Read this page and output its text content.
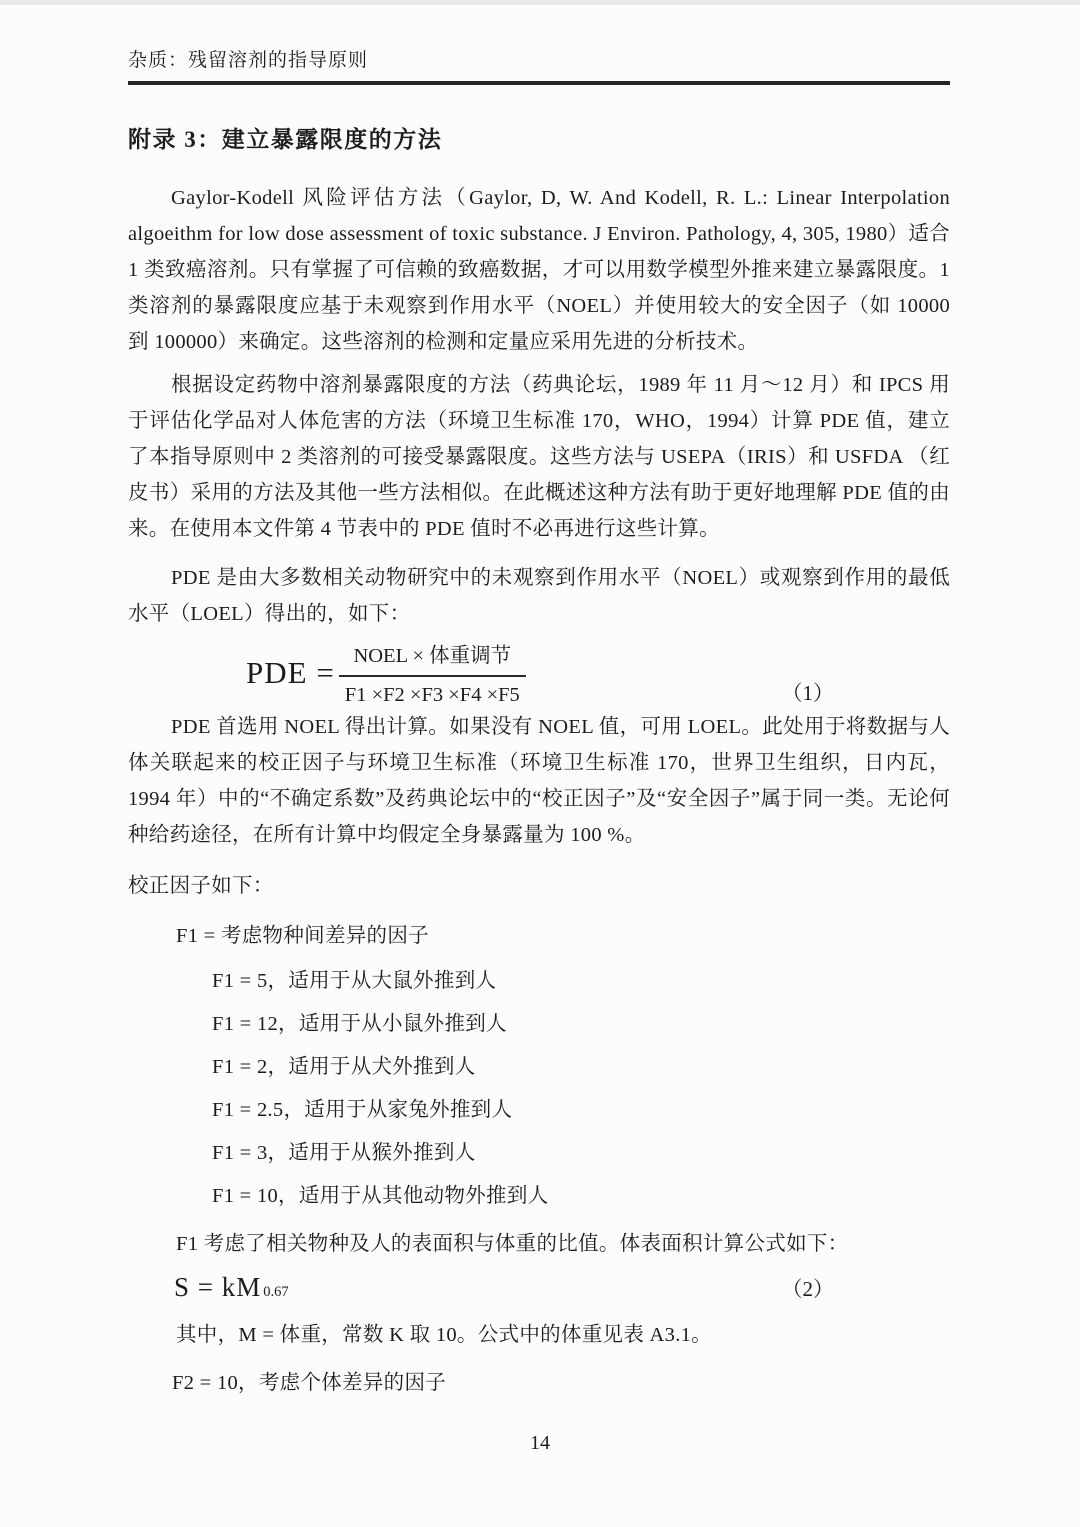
杂质：残留溶剂的指导原则
附录 3：建立暴露限度的方法

Gaylor-Kodell 风险评估方法（Gaylor, D, W. And Kodell, R. L.: Linear Interpolation algoeithm for low dose assessment of toxic substance. J Environ. Pathology, 4, 305, 1980）适合 1 类致癌溶剂。只有掌握了可信赖的致癌数据，才可以用数学模型外推来建立暴露限度。1 类溶剂的暴露限度应基于未观察到作用水平（NOEL）并使用较大的安全因子（如 10000 到 100000）来确定。这些溶剂的检测和定量应采用先进的分析技术。

根据设定药物中溶剂暴露限度的方法（药典论坛，1989 年 11 月～12 月）和 IPCS 用于评估化学品对人体危害的方法（环境卫生标准 170，WHO，1994）计算 PDE 值，建立了本指导原则中 2 类溶剂的可接受暴露限度。这些方法与 USEPA（IRIS）和 USFDA （红皮书）采用的方法及其他一些方法相似。在此概述这种方法有助于更好地理解 PDE 值的由来。在使用本文件第 4 节表中的 PDE 值时不必再进行这些计算。

PDE 是由大多数相关动物研究中的未观察到作用水平（NOEL）或观察到作用的最低水平（LOEL）得出的，如下：

PDE = $\frac{\text{NOEL × 体重调节}}{F1 \times F2 \times F3 \times F4 \times F5}$	（1）

PDE 首选用 NOEL 得出计算。如果没有 NOEL 值，可用 LOEL。此处用于将数据与人体关联起来的校正因子与环境卫生标准（环境卫生标准 170，世界卫生组织，日内瓦，1994 年）中的“不确定系数”及药典论坛中的“校正因子”及“安全因子”属于同一类。无论何种给药途径，在所有计算中均假定全身暴露量为 100 %。

校正因子如下：
F1 = 考虑物种间差异的因子
F1 = 5，适用于从大鼠外推到人
F1 = 12，适用于从小鼠外推到人
F1 = 2，适用于从犬外推到人
F1 = 2.5，适用于从家兔外推到人
F1 = 3，适用于从猴外推到人
F1 = 10，适用于从其他动物外推到人
F1 考虑了相关物种及人的表面积与体重的比值。体表面积计算公式如下：
S = kM 0.67	（2）
其中，M = 体重，常数 K 取 10。公式中的体重见表 A3.1。
F2 = 10，考虑个体差异的因子
14
